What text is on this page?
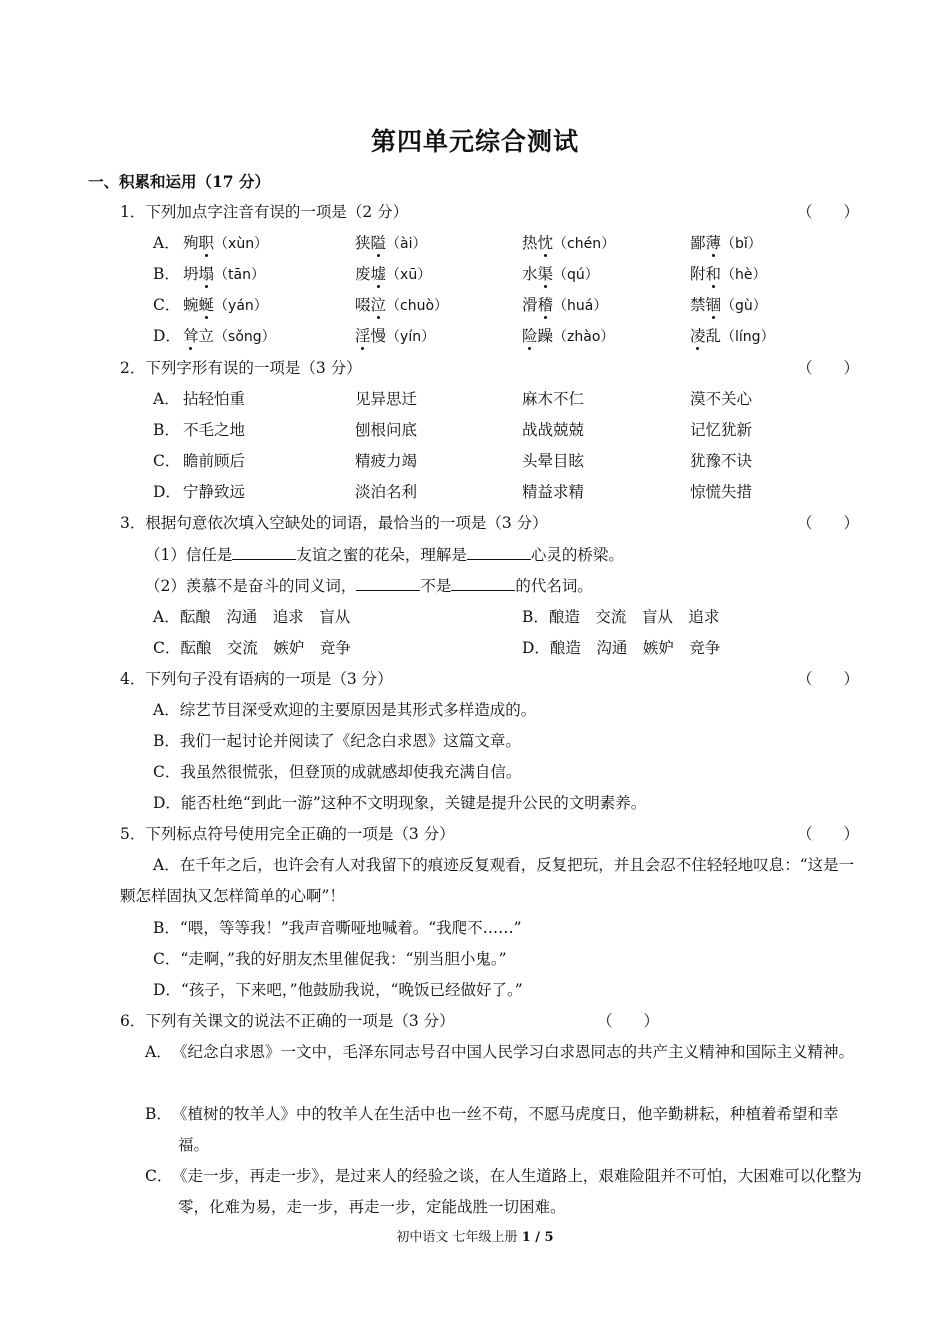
第四单元综合测试
一、积累和运用（17 分）
1．下列加点字注音有误的一项是（2 分）	（　　）
A． 殉职（xùn）	狭隘（ài）	热忱（chén）	鄙薄（bǐ）
B． 坍塌（tān）	废墟（xū）	水渠（qú）	附和（hè）
C． 蜿蜒（yán）	啜泣（chuò）	滑稽（huá）	禁锢（gù）
D． 耸立（sǒng）	淫慢（yín）	险躁（zhào）	凌乱（líng）
2．下列字形有误的一项是（3 分）	（　　）
A． 拈轻怕重	见异思迁	麻木不仁	漠不关心
B． 不毛之地	刨根问底	战战兢兢	记忆犹新
C． 瞻前顾后	精疲力竭	头晕目眩	犹豫不诀
D． 宁静致远	淡泊名利	精益求精	惊慌失措
3．根据句意依次填入空缺处的词语，最恰当的一项是（3 分）	（　　）
（1）信任是	友谊之蜜的花朵，理解是	心灵的桥梁。
（2）羡慕不是奋斗的同义词，	不是	的代名词。
A．酝酿　沟通　追求　盲从	B．酿造　交流　盲从　追求
C．酝酿　交流　嫉妒　竞争	D．酿造　沟通　嫉妒　竞争
4．下列句子没有语病的一项是（3 分）	（　　）
A．综艺节目深受欢迎的主要原因是其形式多样造成的。
B．我们一起讨论并阅读了《纪念白求恩》这篇文章。
C．我虽然很慌张，但登顶的成就感却使我充满自信。
D．能否杜绝“到此一游”这种不文明现象，关键是提升公民的文明素养。
5．下列标点符号使用完全正确的一项是（3 分）	（　　）
A．在千年之后，也许会有人对我留下的痕迹反复观看，反复把玩，并且会忍不住轻轻地叹息：“这是一颗怎样固执又怎样简单的心啊”！
B．“喂，等等我！”我声音嘶哑地喊着。“我爬不……”
C．“走啊，”我的好朋友杰里催促我：“别当胆小鬼。”
D．“孩子，下来吧，”他鼓励我说，“晚饭已经做好了。”
6．下列有关课文的说法不正确的一项是（3 分）	（　　）
A． 《纪念白求恩》一文中，毛泽东同志号召中国人民学习白求恩同志的共产主义精神和国际主义精神。
B． 《植树的牧羊人》中的牧羊人在生活中也一丝不苟，不愿马虎度日，他辛勤耕耘，种植着希望和幸福。
C． 《走一步，再走一步》，是过来人的经验之谈，在人生道路上，艰难险阻并不可怕，大困难可以化整为零，化难为易，走一步，再走一步，定能战胜一切困难。
初中语文 七年级上册 1 / 5
